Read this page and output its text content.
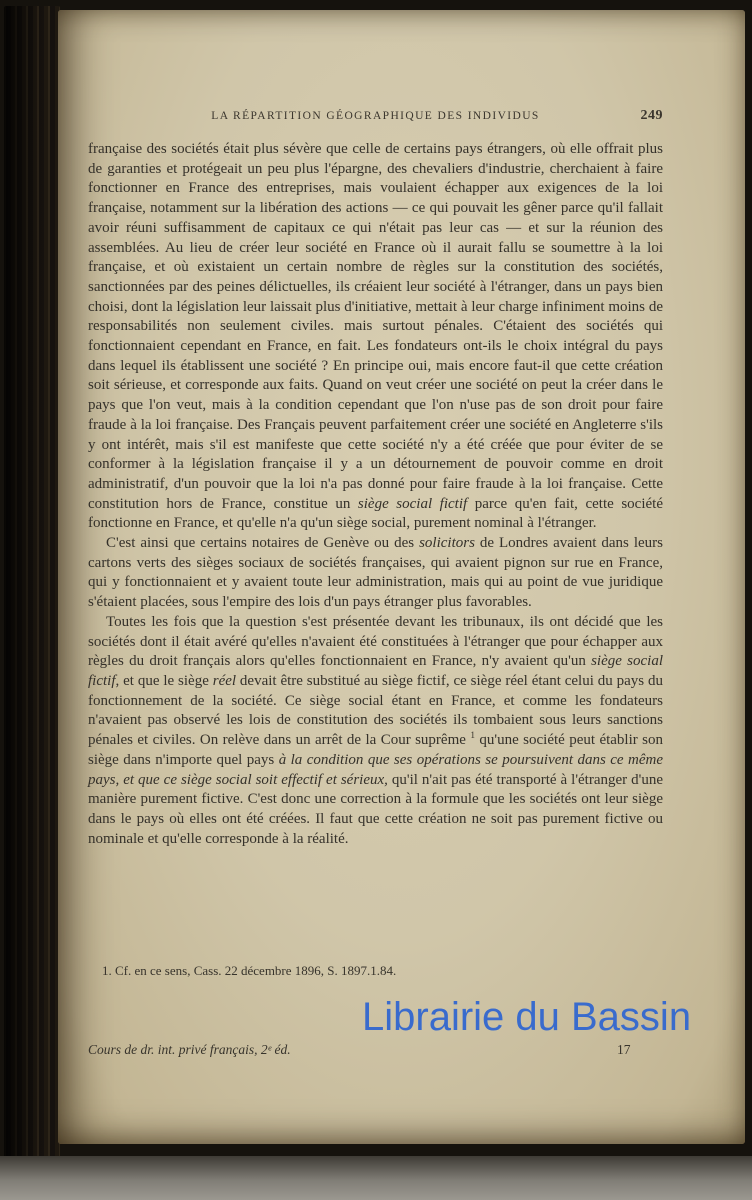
LA RÉPARTITION GÉOGRAPHIQUE DES INDIVIDUS	249

française des sociétés était plus sévère que celle de certains pays étrangers, où elle offrait plus de garanties et protégeait un peu plus l'épargne, des chevaliers d'industrie, cherchaient à faire fonctionner en France des entreprises, mais voulaient échapper aux exigences de la loi française, notamment sur la libération des actions — ce qui pouvait les gêner parce qu'il fallait avoir réuni suffisamment de capitaux ce qui n'était pas leur cas — et sur la réunion des assemblées. Au lieu de créer leur société en France où il aurait fallu se soumettre à la loi française, et où existaient un certain nombre de règles sur la constitution des sociétés, sanctionnées par des peines délictuelles, ils créaient leur société à l'étranger, dans un pays bien choisi, dont la législation leur laissait plus d'initiative, mettait à leur charge infiniment moins de responsabilités non seulement civiles. mais surtout pénales. C'étaient des sociétés qui fonctionnaient cependant en France, en fait. Les fondateurs ont-ils le choix intégral du pays dans lequel ils établissent une société ? En principe oui, mais encore faut-il que cette création soit sérieuse, et corresponde aux faits. Quand on veut créer une société on peut la créer dans le pays que l'on veut, mais à la condition cependant que l'on n'use pas de son droit pour faire fraude à la loi française. Des Français peuvent parfaitement créer une société en Angleterre s'ils y ont intérêt, mais s'il est manifeste que cette société n'y a été créée que pour éviter de se conformer à la législation française il y a un détournement de pouvoir comme en droit administratif, d'un pouvoir que la loi n'a pas donné pour faire fraude à la loi française. Cette constitution hors de France, constitue un siège social fictif parce qu'en fait, cette société fonctionne en France, et qu'elle n'a qu'un siège social, purement nominal à l'étranger.

C'est ainsi que certains notaires de Genève ou des solicitors de Londres avaient dans leurs cartons verts des sièges sociaux de sociétés françaises, qui avaient pignon sur rue en France, qui y fonctionnaient et y avaient toute leur administration, mais qui au point de vue juridique s'étaient placées, sous l'empire des lois d'un pays étranger plus favorables.

Toutes les fois que la question s'est présentée devant les tribunaux, ils ont décidé que les sociétés dont il était avéré qu'elles n'avaient été constituées à l'étranger que pour échapper aux règles du droit français alors qu'elles fonctionnaient en France, n'y avaient qu'un siège social fictif, et que le siège réel devait être substitué au siège fictif, ce siège réel étant celui du pays du fonctionnement de la société. Ce siège social étant en France, et comme les fondateurs n'avaient pas observé les lois de constitution des sociétés ils tombaient sous leurs sanctions pénales et civiles. On relève dans un arrêt de la Cour suprême $^1$ qu'une société peut établir son siège dans n'importe quel pays à la condition que ses opérations se poursuivent dans ce même pays, et que ce siège social soit effectif et sérieux, qu'il n'ait pas été transporté à l'étranger d'une manière purement fictive. C'est donc une correction à la formule que les sociétés ont leur siège dans le pays où elles ont été créées. Il faut que cette création ne soit pas purement fictive ou nominale et qu'elle corresponde à la réalité.

1. Cf. en ce sens, Cass. 22 décembre 1896, S. 1897.1.84.
Cours de dr. int. privé français, 2ᵉ éd.	17
Librairie du Bassin
